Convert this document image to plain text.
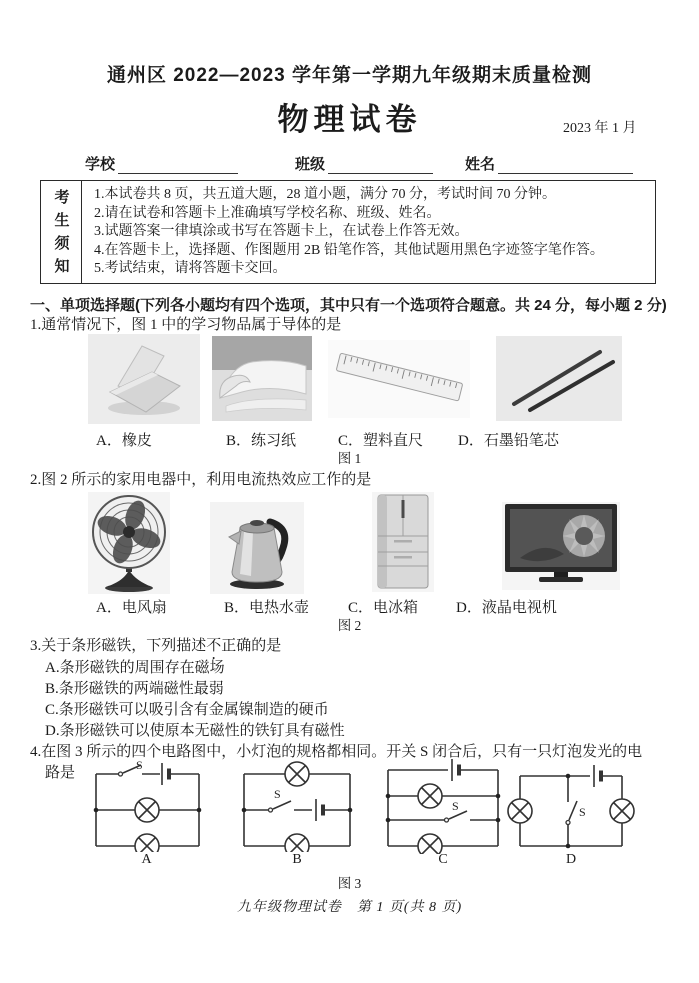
通州区 2022—2023 学年第一学期九年级期末质量检测
物理试卷	2023 年 1 月
学校	班级	姓名
考生须知 1.本试卷共 8 页，共五道大题，28 道小题，满分 70 分，考试时间 70 分钟。
2.请在试卷和答题卡上准确填写学校名称、班级、姓名。
3.试题答案一律填涂或书写在答题卡上，在试卷上作答无效。
4.在答题卡上，选择题、作图题用 2B 铅笔作答，其他试题用黑色字迹签字笔作答。
5.考试结束，请将答题卡交回。
一、单项选择题(下列各小题均有四个选项，其中只有一个选项符合题意。共 24 分，每小题 2 分)
1.通常情况下，图 1 中的学习物品属于导体的是
A．橡皮	B．练习纸	C．塑料直尺 D．石墨铅笔芯
图 1
2.图 2 所示的家用电器中，利用电流热效应工作的是
A．电风扇	B．电热水壶	C．电冰箱	D．液晶电视机
图 2
3.关于条形磁铁，下列描述不正确的是
A.条形磁铁的周围存在磁场
B.条形磁铁的两端磁性最弱
C.条形磁铁可以吸引含有金属镍制造的硬币
D.条形磁铁可以使原本无磁性的铁钉具有磁性
4.在图 3 所示的四个电路图中，小灯泡的规格都相同。开关 S 闭合后，只有一只灯泡发光的电
路是	S
S
S	S
A	B	C	D
图 3
九年级物理试卷　第 1 页(共 8 页)
